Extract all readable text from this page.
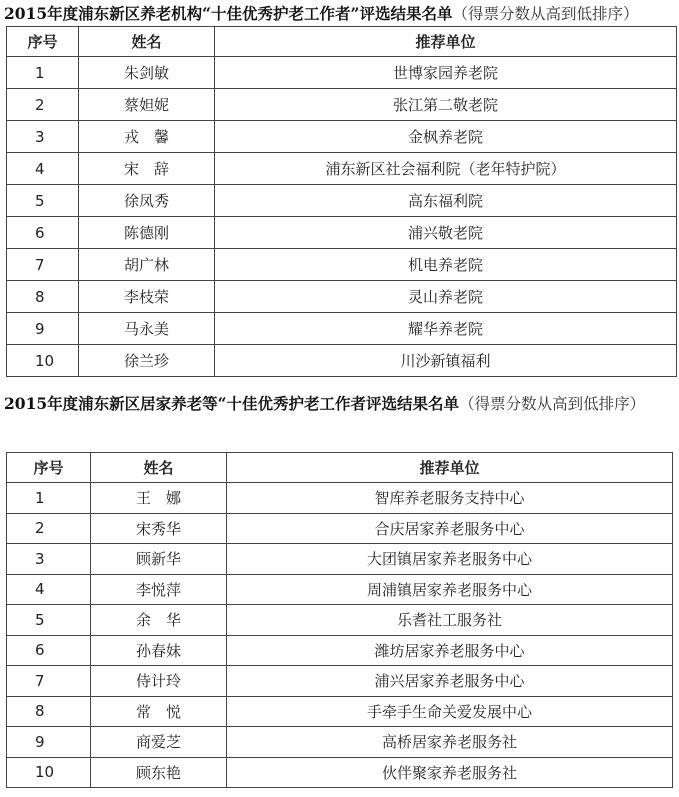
2015年度浦东新区养老机构“十佳优秀护老工作者”评选结果名单（得票分数从高到低排序）
序号	姓名	推荐单位
1	朱剑敏	世博家园养老院
2	蔡妲妮	张江第二敬老院
3	戎　馨	金枫养老院
4	宋　辞	浦东新区社会福利院（老年特护院）
5	徐凤秀	高东福利院
6	陈德刚	浦兴敬老院
7	胡广林	机电养老院
8	李枝荣	灵山养老院
9	马永美	耀华养老院
10	徐兰珍	川沙新镇福利
2015年度浦东新区居家养老等“十佳优秀护老工作者评选结果名单（得票分数从高到低排序）
序号	姓名	推荐单位
1	王　娜	智库养老服务支持中心
2	宋秀华	合庆居家养老服务中心
3	顾新华	大团镇居家养老服务中心
4	李悦萍	周浦镇居家养老服务中心
5	余　华	乐耆社工服务社
6	孙春妹	潍坊居家养老服务中心
7	侍计玲	浦兴居家养老服务中心
8	常　悦	手牵手生命关爱发展中心
9	商爱芝	高桥居家养老服务社
10	顾东艳	伙伴聚家养老服务社
